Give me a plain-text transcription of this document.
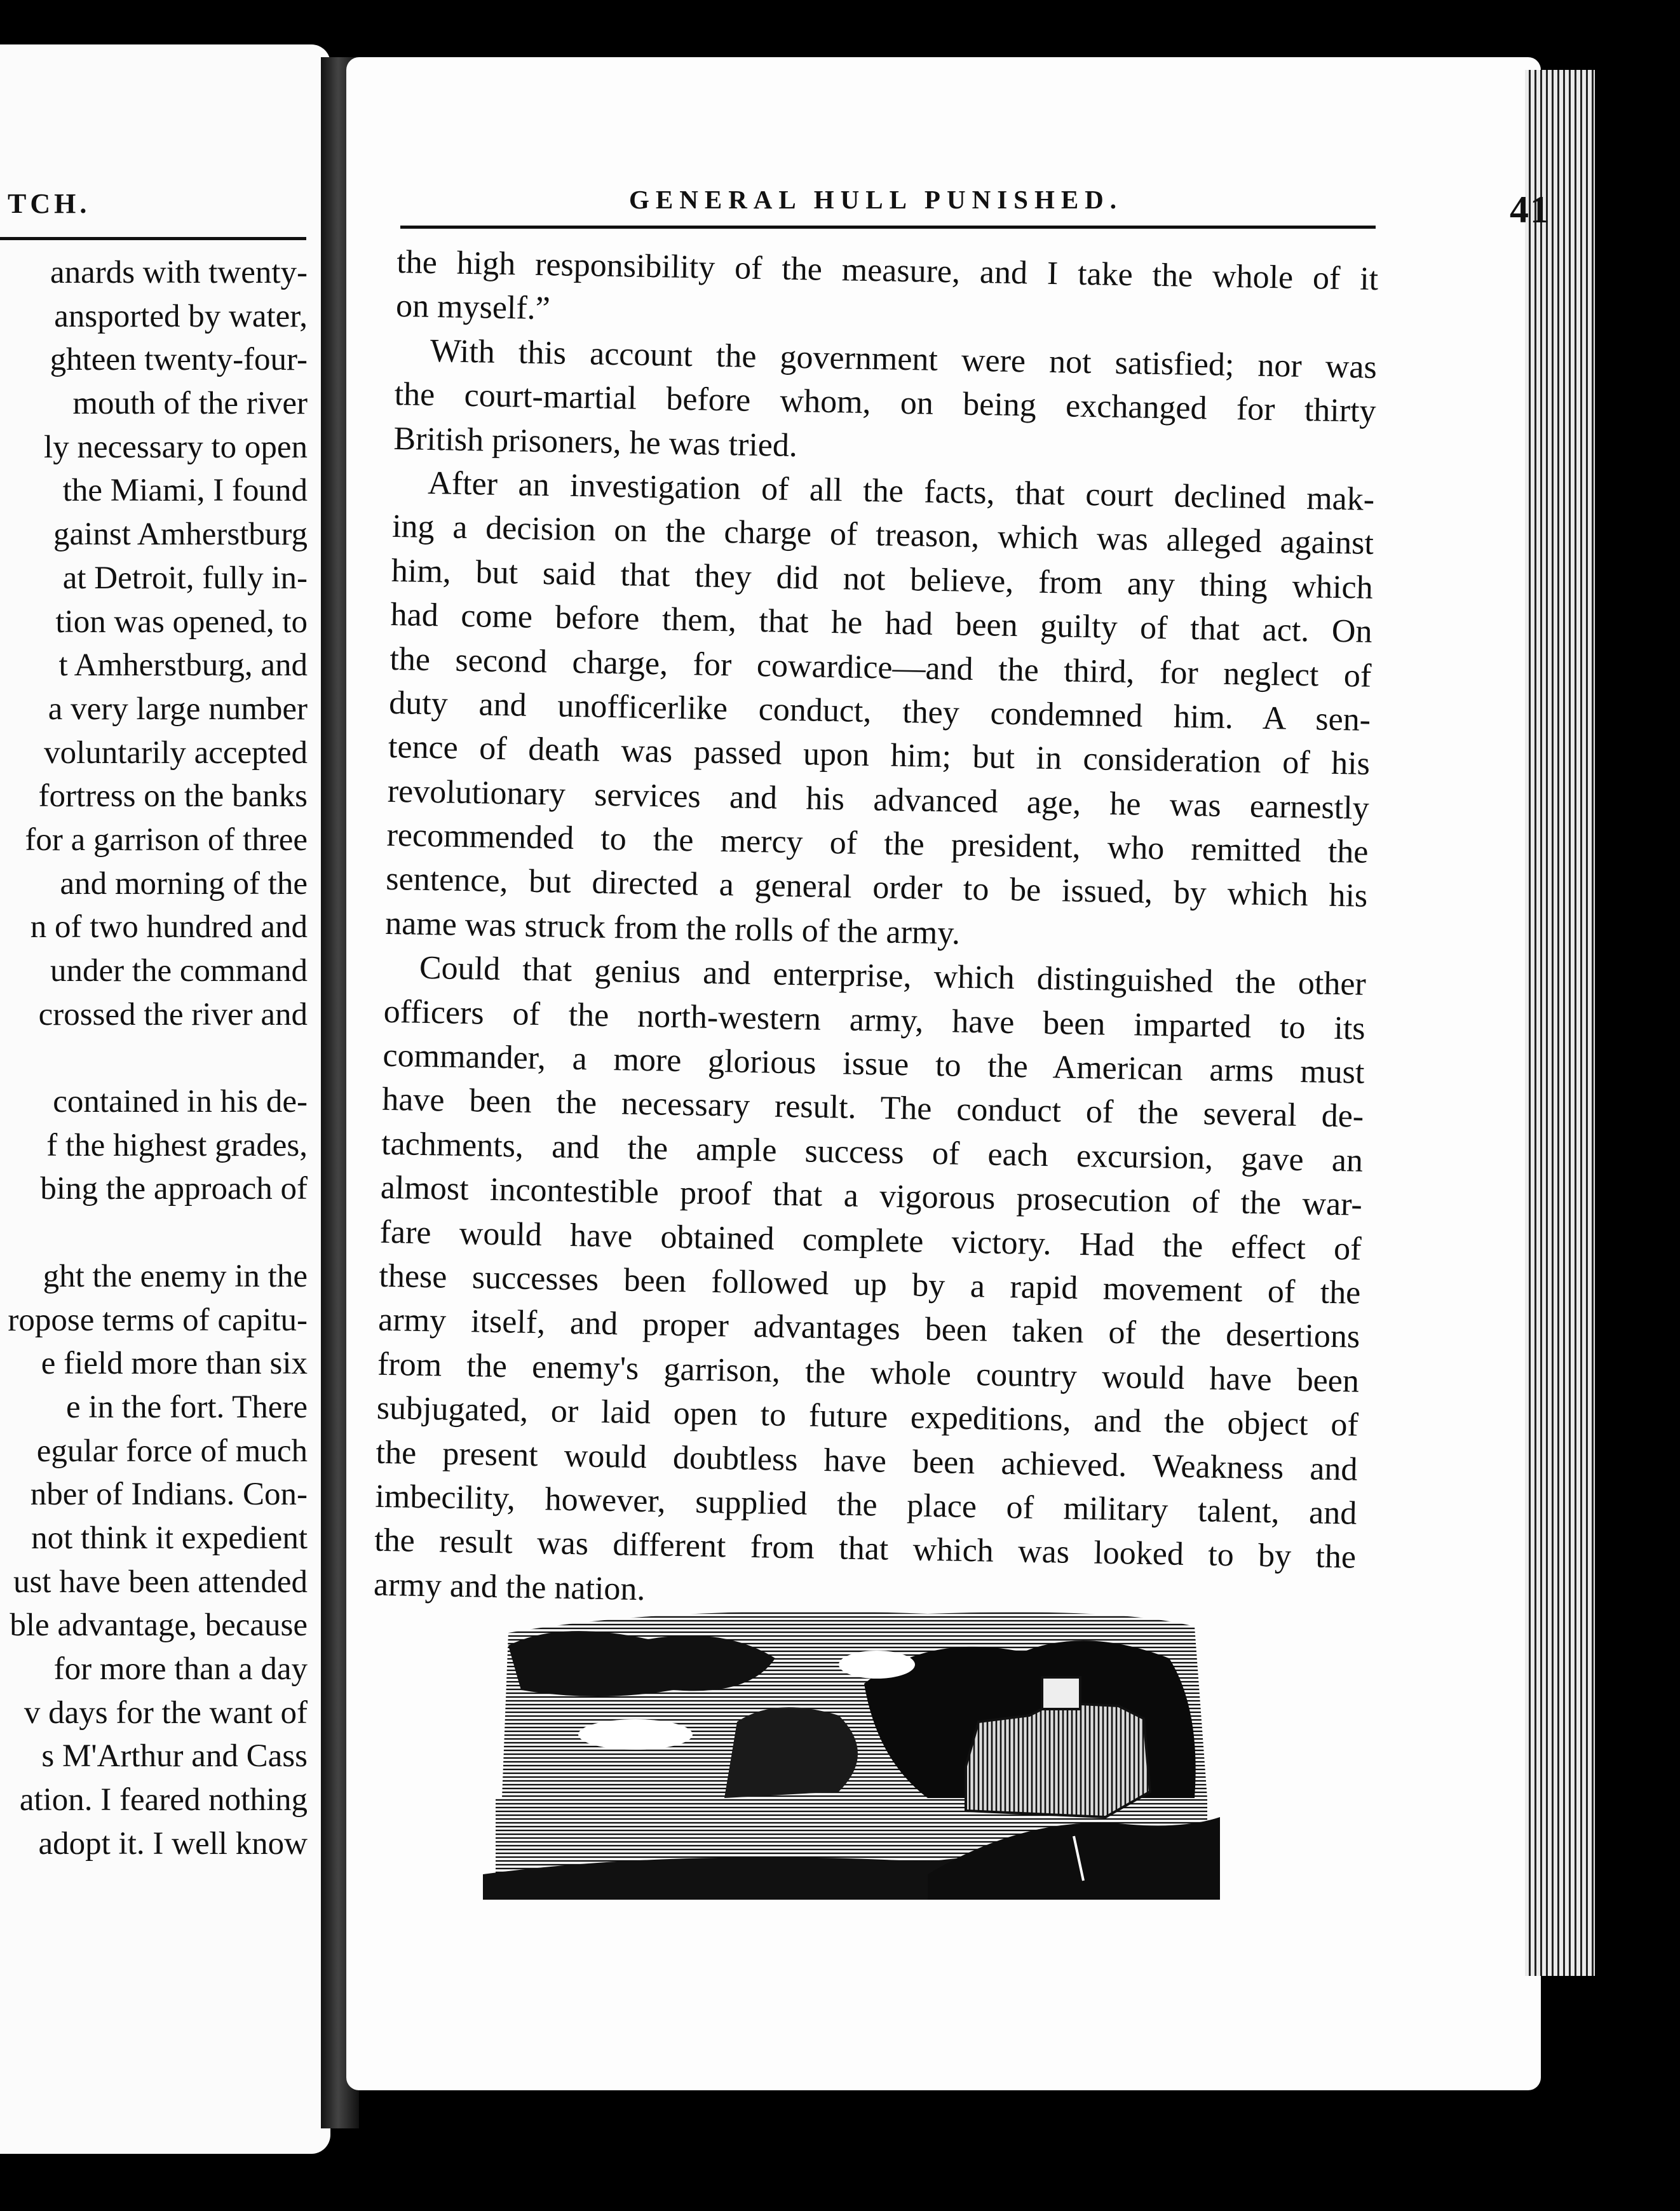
TCH.
anards with twenty-
ansported by water,
ghteen twenty-four-
mouth of the river
ly necessary to open
the Miami, I found
gainst Amherstburg
at Detroit, fully in-
tion was opened, to
t Amherstburg, and
a very large number
voluntarily accepted
fortress on the banks
for a garrison of three
and morning of the
n of two hundred and
under the command
crossed the river and
contained in his de-
f the highest grades,
bing the approach of
ght the enemy in the
ropose terms of capitu-
e field more than six
e in the fort. There
egular force of much
nber of Indians. Con-
not think it expedient
ust have been attended
ble advantage, because
for more than a day
v days for the want of
s M'Arthur and Cass
ation. I feared nothing
adopt it. I well know
GENERAL HULL PUNISHED.	41
the high responsibility of the measure, and I take the whole of it
on myself.”
With this account the government were not satisfied; nor was
the court-martial before whom, on being exchanged for thirty
British prisoners, he was tried.
After an investigation of all the facts, that court declined mak-
ing a decision on the charge of treason, which was alleged against
him, but said that they did not believe, from any thing which
had come before them, that he had been guilty of that act. On
the second charge, for cowardice—and the third, for neglect of
duty and unofficerlike conduct, they condemned him. A sen-
tence of death was passed upon him; but in consideration of his
revolutionary services and his advanced age, he was earnestly
recommended to the mercy of the president, who remitted the
sentence, but directed a general order to be issued, by which his
name was struck from the rolls of the army.
Could that genius and enterprise, which distinguished the other
officers of the north-western army, have been imparted to its
commander, a more glorious issue to the American arms must
have been the necessary result. The conduct of the several de-
tachments, and the ample success of each excursion, gave an
almost incontestible proof that a vigorous prosecution of the war-
fare would have obtained complete victory. Had the effect of
these successes been followed up by a rapid movement of the
army itself, and proper advantages been taken of the desertions
from the enemy's garrison, the whole country would have been
subjugated, or laid open to future expeditions, and the object of
the present would doubtless have been achieved. Weakness and
imbecility, however, supplied the place of military talent, and
the result was different from that which was looked to by the
army and the nation.
